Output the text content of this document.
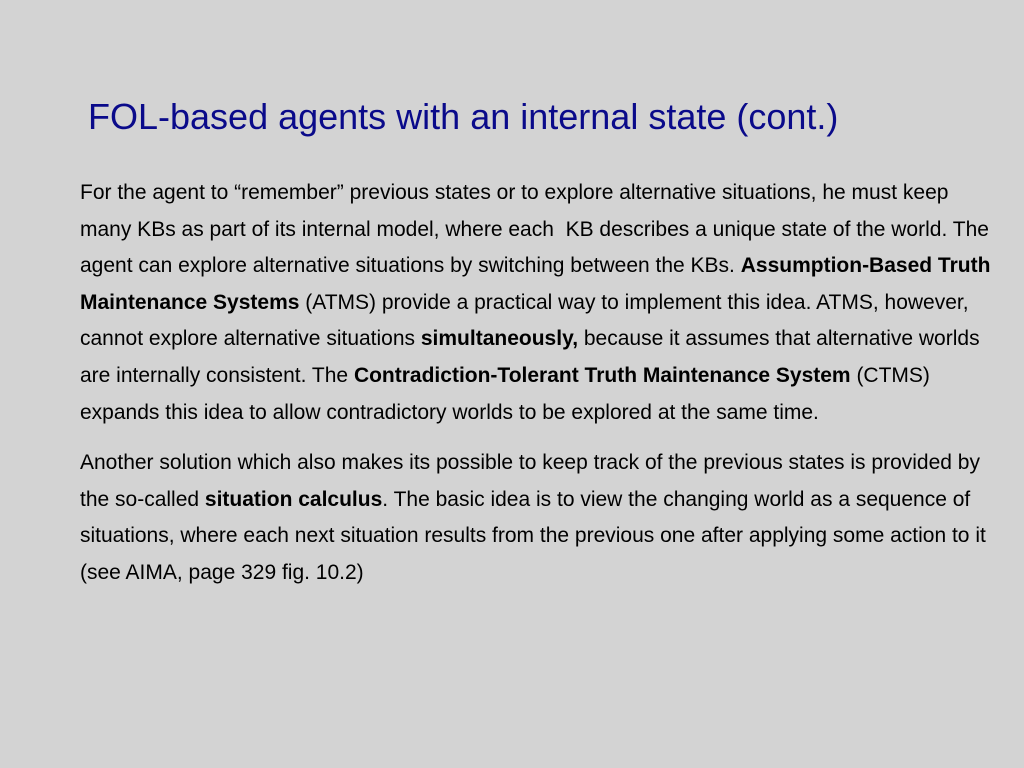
FOL-based agents with an internal state (cont.)

For the agent to “remember” previous states or to explore alternative situations, he must keep many KBs as part of its internal model, where each  KB describes a unique state of the world. The agent can explore alternative situations by switching between the KBs. Assumption-Based Truth Maintenance Systems (ATMS) provide a practical way to implement this idea. ATMS, however, cannot explore alternative situations simultaneously, because it assumes that alternative worlds are internally consistent. The Contradiction-Tolerant Truth Maintenance System (CTMS) expands this idea to allow contradictory worlds to be explored at the same time.

Another solution which also makes its possible to keep track of the previous states is provided by the so-called situation calculus. The basic idea is to view the changing world as a sequence of situations, where each next situation results from the previous one after applying some action to it (see AIMA, page 329 fig. 10.2)
